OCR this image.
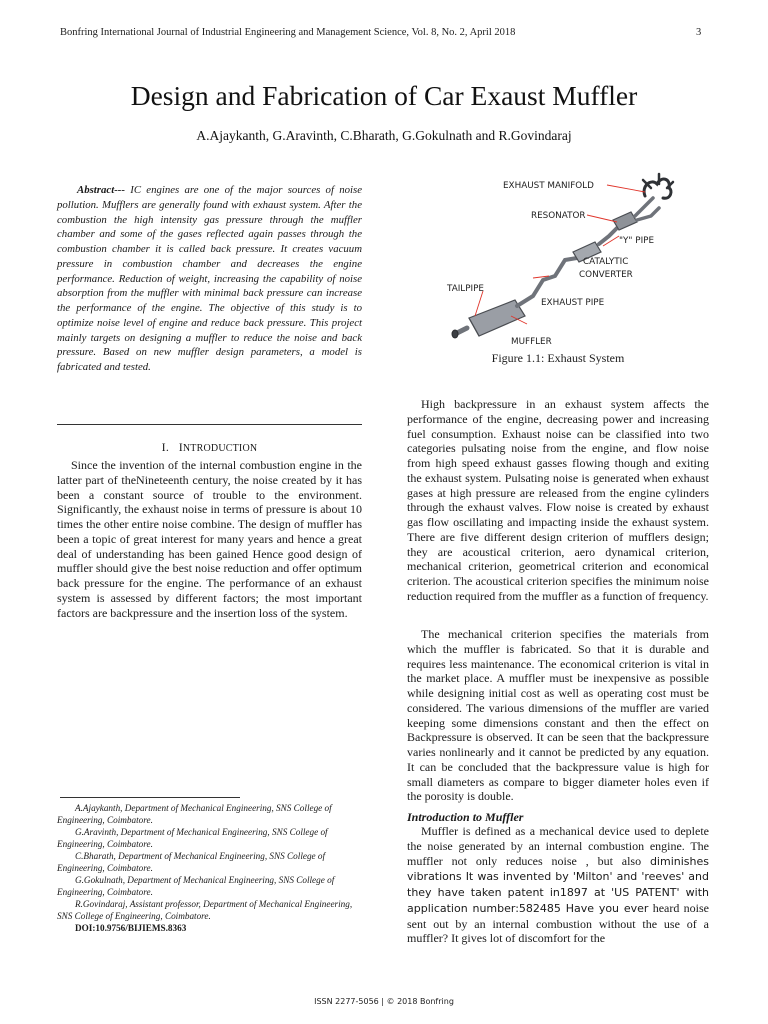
Bonfring International Journal of Industrial Engineering and Management Science, Vol. 8, No. 2, April 2018	3
Design and Fabrication of Car Exaust Muffler
A.Ajaykanth, G.Aravinth, C.Bharath, G.Gokulnath and R.Govindaraj

Abstract--- IC engines are one of the major sources of noise pollution. Mufflers are generally found with exhaust system. After the combustion the high intensity gas pressure through the muffler chamber and some of the gases reflected again passes through the combustion chamber it is called back pressure. It creates vacuum pressure in combustion chamber and decreases the engine performance. Reduction of weight, increasing the capability of noise absorption from the muffler with minimal back pressure can increase the performance of the engine. The objective of this study is to optimize noise level of engine and reduce back pressure. This project mainly targets on designing a muffler to reduce the noise and back pressure. Based on new muffler design parameters, a model is fabricated and tested.

I. INTRODUCTION

Since the invention of the internal combustion engine in the latter part of theNineteenth century, the noise created by it has been a constant source of trouble to the environment. Significantly, the exhaust noise in terms of pressure is about 10 times the other entire noise combine. The design of muffler has been a topic of great interest for many years and hence a great deal of understanding has been gained Hence good design of muffler should give the best noise reduction and offer optimum back pressure for the engine. The performance of an exhaust system is assessed by different factors; the most important factors are backpressure and the insertion loss of the system.

A.Ajaykanth, Department of Mechanical Engineering, SNS College of Engineering, Coimbatore.

G.Aravinth, Department of Mechanical Engineering, SNS College of Engineering, Coimbatore.

C.Bharath, Department of Mechanical Engineering, SNS College of Engineering, Coimbatore.

G.Gokulnath, Department of Mechanical Engineering, SNS College of Engineering, Coimbatore.

R.Govindaraj, Assistant professor, Department of Mechanical Engineering, SNS College of Engineering, Coimbatore.

DOI:10.9756/BIJIEMS.8363

EXHAUST MANIFOLD
RESONATOR
"Y" PIPE
CATALYTIC
CONVERTER
TAILPIPE
EXHAUST PIPE
MUFFLER
Figure 1.1: Exhaust System

High backpressure in an exhaust system affects the performance of the engine, decreasing power and increasing fuel consumption. Exhaust noise can be classified into two categories pulsating noise from the engine, and flow noise from high speed exhaust gasses flowing though and exiting the exhaust system. Pulsating noise is generated when exhaust gases at high pressure are released from the engine cylinders through the exhaust valves. Flow noise is created by exhaust gas flow oscillating and impacting inside the exhaust system. There are five different design criterion of mufflers design; they are acoustical criterion, aero dynamical criterion, mechanical criterion, geometrical criterion and economical criterion. The acoustical criterion specifies the minimum noise reduction required from the muffler as a function of frequency.

The mechanical criterion specifies the materials from which the muffler is fabricated. So that it is durable and requires less maintenance. The economical criterion is vital in the market place. A muffler must be inexpensive as possible while designing initial cost as well as operating cost must be considered. The various dimensions of the muffler are varied keeping some dimensions constant and then the effect on Backpressure is observed. It can be seen that the backpressure varies nonlinearly and it cannot be predicted by any equation. It can be concluded that the backpressure value is high for small diameters as compare to bigger diameter holes even if the porosity is double.

Introduction to Muffler

Muffler is defined as a mechanical device used to deplete the noise generated by an internal combustion engine. The muffler not only reduces noise , but also diminishes vibrations It was invented by 'Milton' and 'reeves' and they have taken patent in1897 at 'US PATENT' with application number:582485 Have you ever heard noise sent out by an internal combustion without the use of a muffler? It gives lot of discomfort for the

ISSN 2277-5056 | © 2018 Bonfring
